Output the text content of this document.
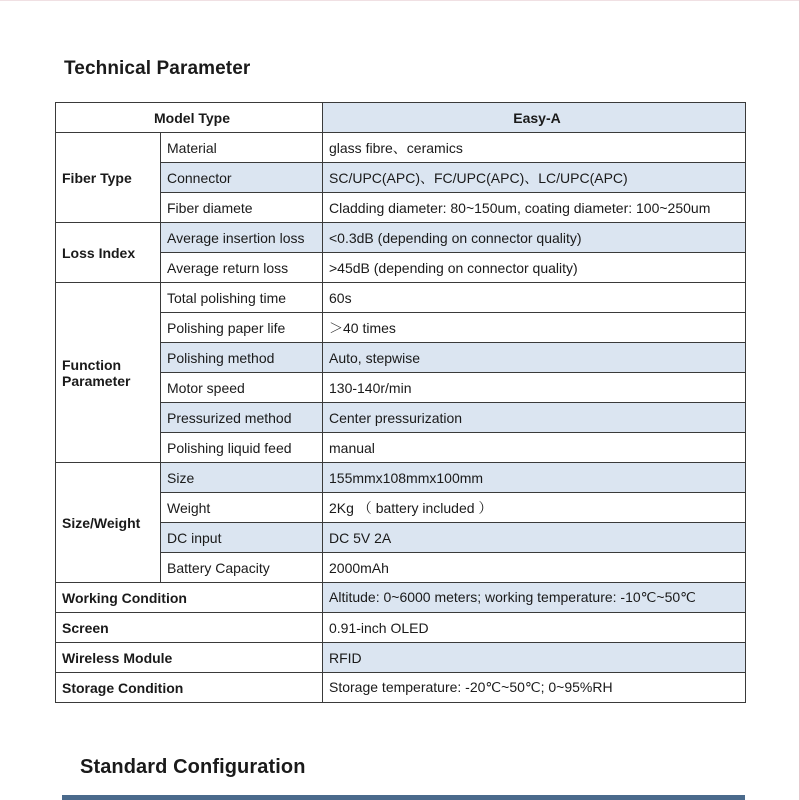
Technical Parameter
Model Type		Easy-A
Fiber Type	Material	glass fibre、ceramics
	Connector	SC/UPC(APC)、FC/UPC(APC)、LC/UPC(APC)
	Fiber diamete	Cladding diameter: 80~150um, coating diameter: 100~250um
Loss Index	Average insertion loss	<0.3dB (depending on connector quality)
	Average return loss	>45dB (depending on connector quality)
Function Parameter	Total polishing time	60s
	Polishing paper life	＞40 times
	Polishing method	Auto, stepwise
	Motor speed	130-140r/min
	Pressurized method	Center pressurization
	Polishing liquid feed	manual
Size/Weight	Size	155mmx108mmx100mm
	Weight	2Kg （ battery included ）
	DC input	DC 5V 2A
	Battery Capacity	2000mAh
Working Condition		Altitude: 0~6000 meters; working temperature: -10℃~50℃
Screen		0.91-inch OLED
Wireless Module		RFID
Storage Condition		Storage temperature: -20℃~50℃; 0~95%RH
Standard Configuration
